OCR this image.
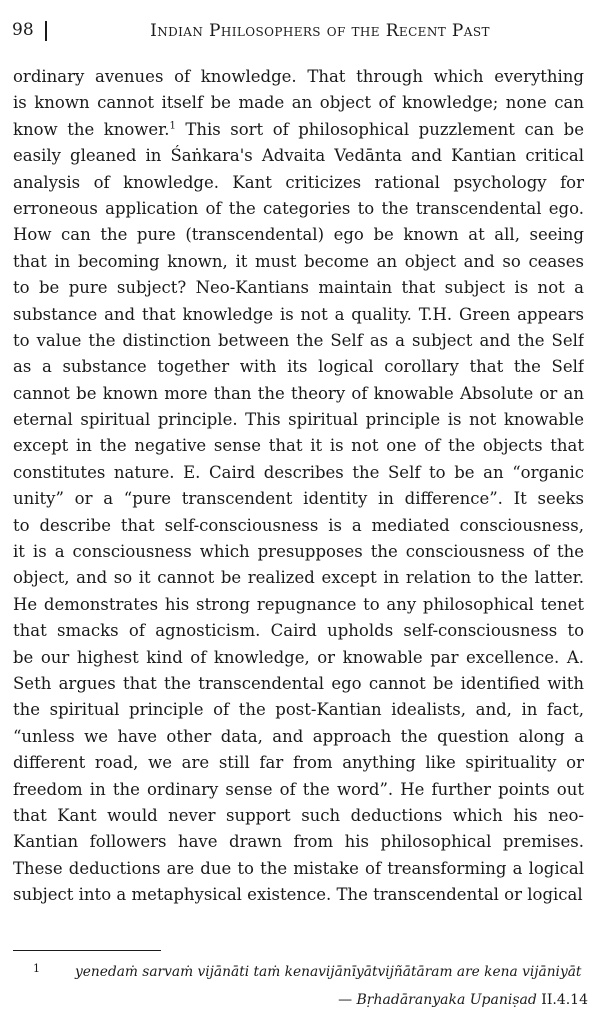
98	Indian Philosophers of the Recent Past
ordinary avenues of knowledge. That through which everything
is known cannot itself be made an object of knowledge; none can
know the knower.$^1$ This sort of philosophical puzzlement can be
easily gleaned in Śaṅkara's Advaita Vedānta and Kantian critical
analysis of knowledge. Kant criticizes rational psychology for
erroneous application of the categories to the transcendental ego.
How can the pure (transcendental) ego be known at all, seeing
that in becoming known, it must become an object and so ceases
to be pure subject? Neo-Kantians maintain that subject is not a
substance and that knowledge is not a quality. T.H. Green appears
to value the distinction between the Self as a subject and the Self
as a substance together with its logical corollary that the Self
cannot be known more than the theory of knowable Absolute or an
eternal spiritual principle. This spiritual principle is not knowable
except in the negative sense that it is not one of the objects that
constitutes nature. E. Caird describes the Self to be an “organic
unity” or a “pure transcendent identity in difference”. It seeks
to describe that self-consciousness is a mediated consciousness,
it is a consciousness which presupposes the consciousness of the
object, and so it cannot be realized except in relation to the latter.
He demonstrates his strong repugnance to any philosophical tenet
that smacks of agnosticism. Caird upholds self-consciousness to
be our highest kind of knowledge, or knowable par excellence. A.
Seth argues that the transcendental ego cannot be identified with
the spiritual principle of the post-Kantian idealists, and, in fact,
“unless we have other data, and approach the question along a
different road, we are still far from anything like spirituality or
freedom in the ordinary sense of the word”. He further points out
that Kant would never support such deductions which his neo-
Kantian followers have drawn from his philosophical premises.
These deductions are due to the mistake of treansforming a logical
subject into a metaphysical existence. The transcendental or logical
1	yenedaṁ sarvaṁ vijānāti taṁ kenavijānīyātvijñātāram are kena vijāniyāt
— Bṛhadāranyaka Upaniṣad II.4.14
